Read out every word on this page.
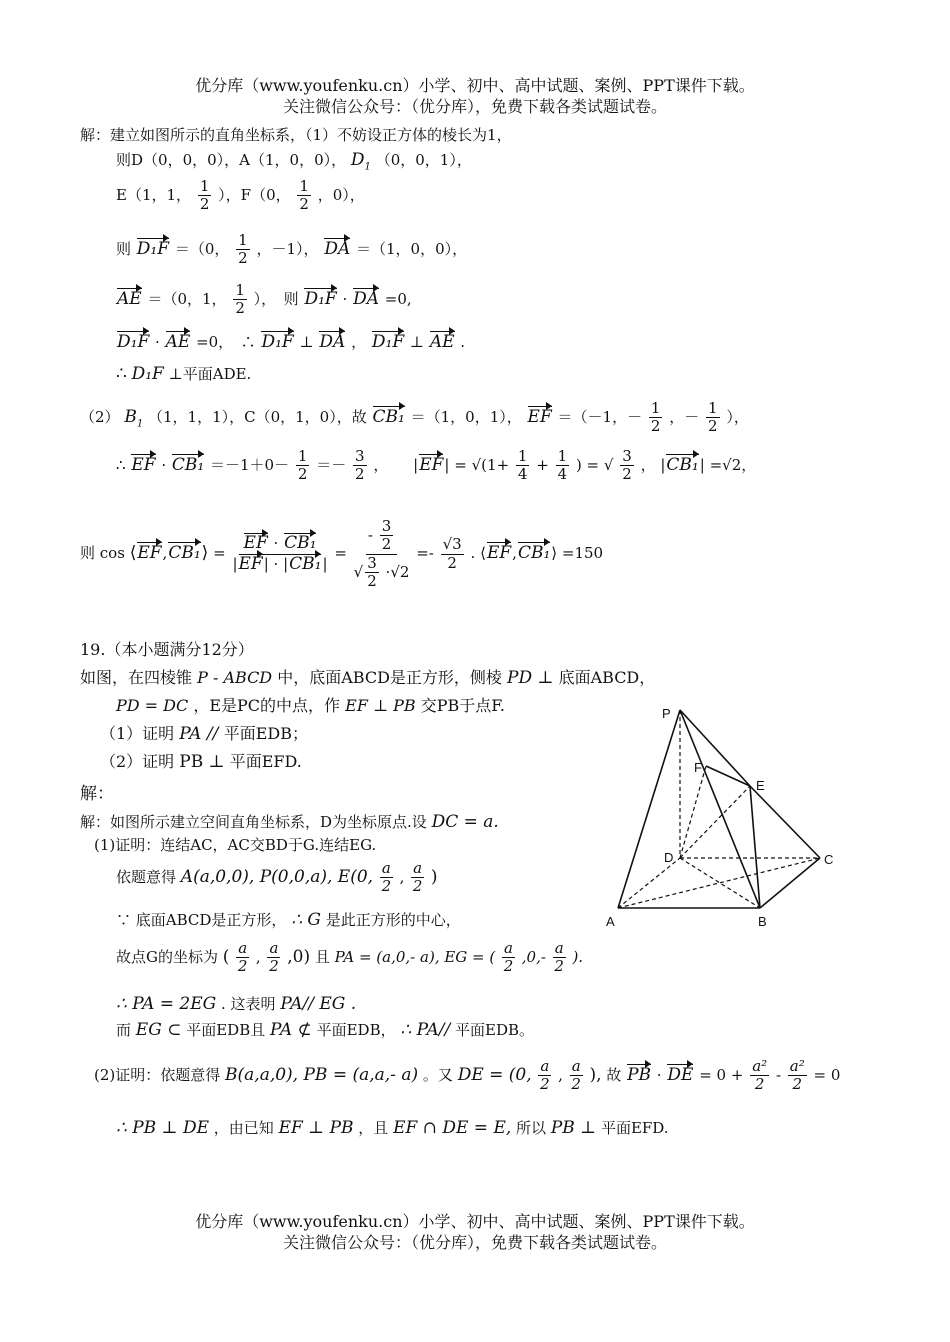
优分库（www.youfenku.cn）小学、初中、高中试题、案例、PPT课件下载。
关注微信公众号：（优分库），免费下载各类试题试卷。
解：建立如图所示的直角坐标系，（1）不妨设正方体的棱长为1，
则D（0，0，0），A（1，0，0）， $D_1$ （0，0，1），
E（1，1， $\frac{1}{2}$ ），F（0， $\frac{1}{2}$ ，0），
则 D₁F ＝（0， $\frac{1}{2}$ ，－1）， DA ＝（1，0，0），
AE ＝（0，1， $\frac{1}{2}$ ），　则 D₁F · DA =0,
D₁F · AE =0，　∴ D₁F ⊥ DA ， D₁F ⊥ AE .
∴ D₁F ⊥平面ADE.
（2） $B_1$ （1，1，1），C（0，1，0），故 CB₁ ＝（1，0，1）， EF ＝（－1，－ $\frac{1}{2}$ ，－ $\frac{1}{2}$ ），
∴ EF · $CB_1 =-1+0- \frac{1}{2} =- \frac{3}{2}$ ， $|EF| = √(1+ \frac{1}{4} + \frac{1}{4}$ ) = √ $\frac{3}{2}$ ， |CB₁| =√2，
则 cos ⟨EF,CB₁⟩ = $\frac{\text{EF · CB₁}}{\text{|EF| · |CB₁|}} = \frac{- \frac{3}{2}}{√ \frac{3}{2} \cdot√2} =- \frac{√3}{2}$ . ⟨EF,CB₁⟩ =150
19.（本小题满分12分）
如图，在四棱锥 P - ABCD 中，底面ABCD是正方形，侧棱 PD ⊥ 底面ABCD，
PD = DC ，E是PC的中点，作 EF ⊥ PB 交PB于点F.
（1）证明 PA // 平面EDB；
（2）证明 PB ⊥ 平面EFD.
解：
解：如图所示建立空间直角坐标系，D为坐标原点.设 DC = a.
(1)证明：连结AC，AC交BD于G.连结EG.
依题意得 A(a,0,0), P(0,0,a), E(0, $\frac{a}{2}$ , $\frac{a}{2}$ )
∵ 底面ABCD是正方形， ∴ G 是此正方形的中心，
故点G的坐标为 ( $\frac{a}{2}$ , $\frac{a}{2} ,0$) 且 PA = (a,0,- a), EG = ( $\frac{a}{2} ,0,- \frac{a}{2}$ ).
∴ PA = 2EG . 这表明 PA// EG .
而 EG ⊂ 平面EDB且 PA ⊄ 平面EDB， ∴ PA// 平面EDB。
(2)证明：依题意得 B(a,a,0), PB = (a,a,- a) 。又 DE = (0, $\frac{a}{2}$ , $\frac{a}{2}$ ), 故 PB · DE = $0 + \frac{\text{a²}}{2} - \frac{\text{a²}}{2} = 0$
∴ PB ⊥ DE ，由已知 EF ⊥ PB ，且 EF ∩ DE = E, 所以 PB ⊥ 平面EFD.
P
F
E
D	C
A	B
优分库（www.youfenku.cn）小学、初中、高中试题、案例、PPT课件下载。
关注微信公众号：（优分库），免费下载各类试题试卷。
